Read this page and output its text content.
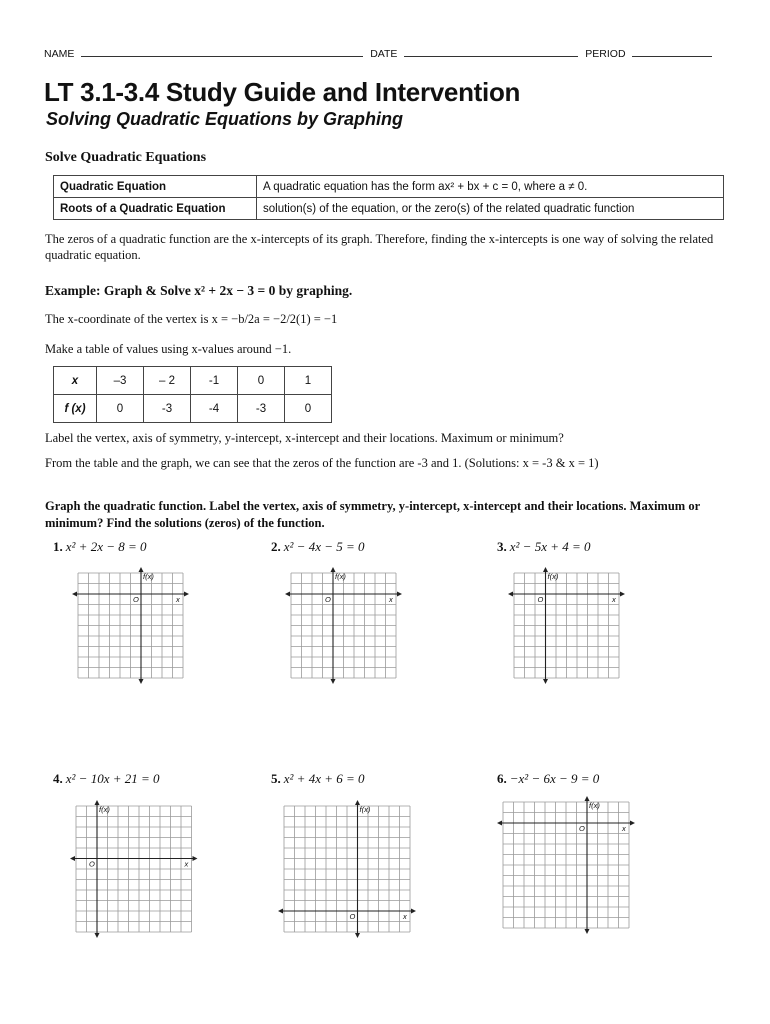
NAME	DATE	PERIOD
LT 3.1-3.4 Study Guide and Intervention
Solving Quadratic Equations by Graphing
Solve Quadratic Equations
Quadratic Equation	A quadratic equation has the form ax² + bx + c = 0, where a ≠ 0.
Roots of a Quadratic Equation	solution(s) of the equation, or the zero(s) of the related quadratic function
The zeros of a quadratic function are the x-intercepts of its graph. Therefore, finding the x-intercepts is one way of solving the related quadratic equation.
Example: Graph & Solve x² + 2x − 3 = 0 by graphing.
The x-coordinate of the vertex is x = −b/2a = −2/2(1) = −1
Make a table of values using x-values around −1.
x	–3	– 2	-1	0	1
f (x)	0	-3	-4	-3	0
Label the vertex, axis of symmetry, y-intercept, x-intercept and their locations. Maximum or minimum?
From the table and the graph, we can see that the zeros of the function are -3 and 1. (Solutions: x = -3 & x = 1)
Graph the quadratic function. Label the vertex, axis of symmetry, y-intercept, x-intercept and their locations. Maximum or minimum? Find the solutions (zeros) of the function.
1. x² + 2x − 8 = 0	2. x² − 4x − 5 = 0	3. x² − 5x + 4 = 0
4. x² − 10x + 21 = 0	5. x² + 4x + 6 = 0	6. −x² − 6x − 9 = 0
f(x)
x
O
f(x)
x
O
f(x)
x
O
f(x)
x
O
f(x)
x
O
f(x)
x
O
